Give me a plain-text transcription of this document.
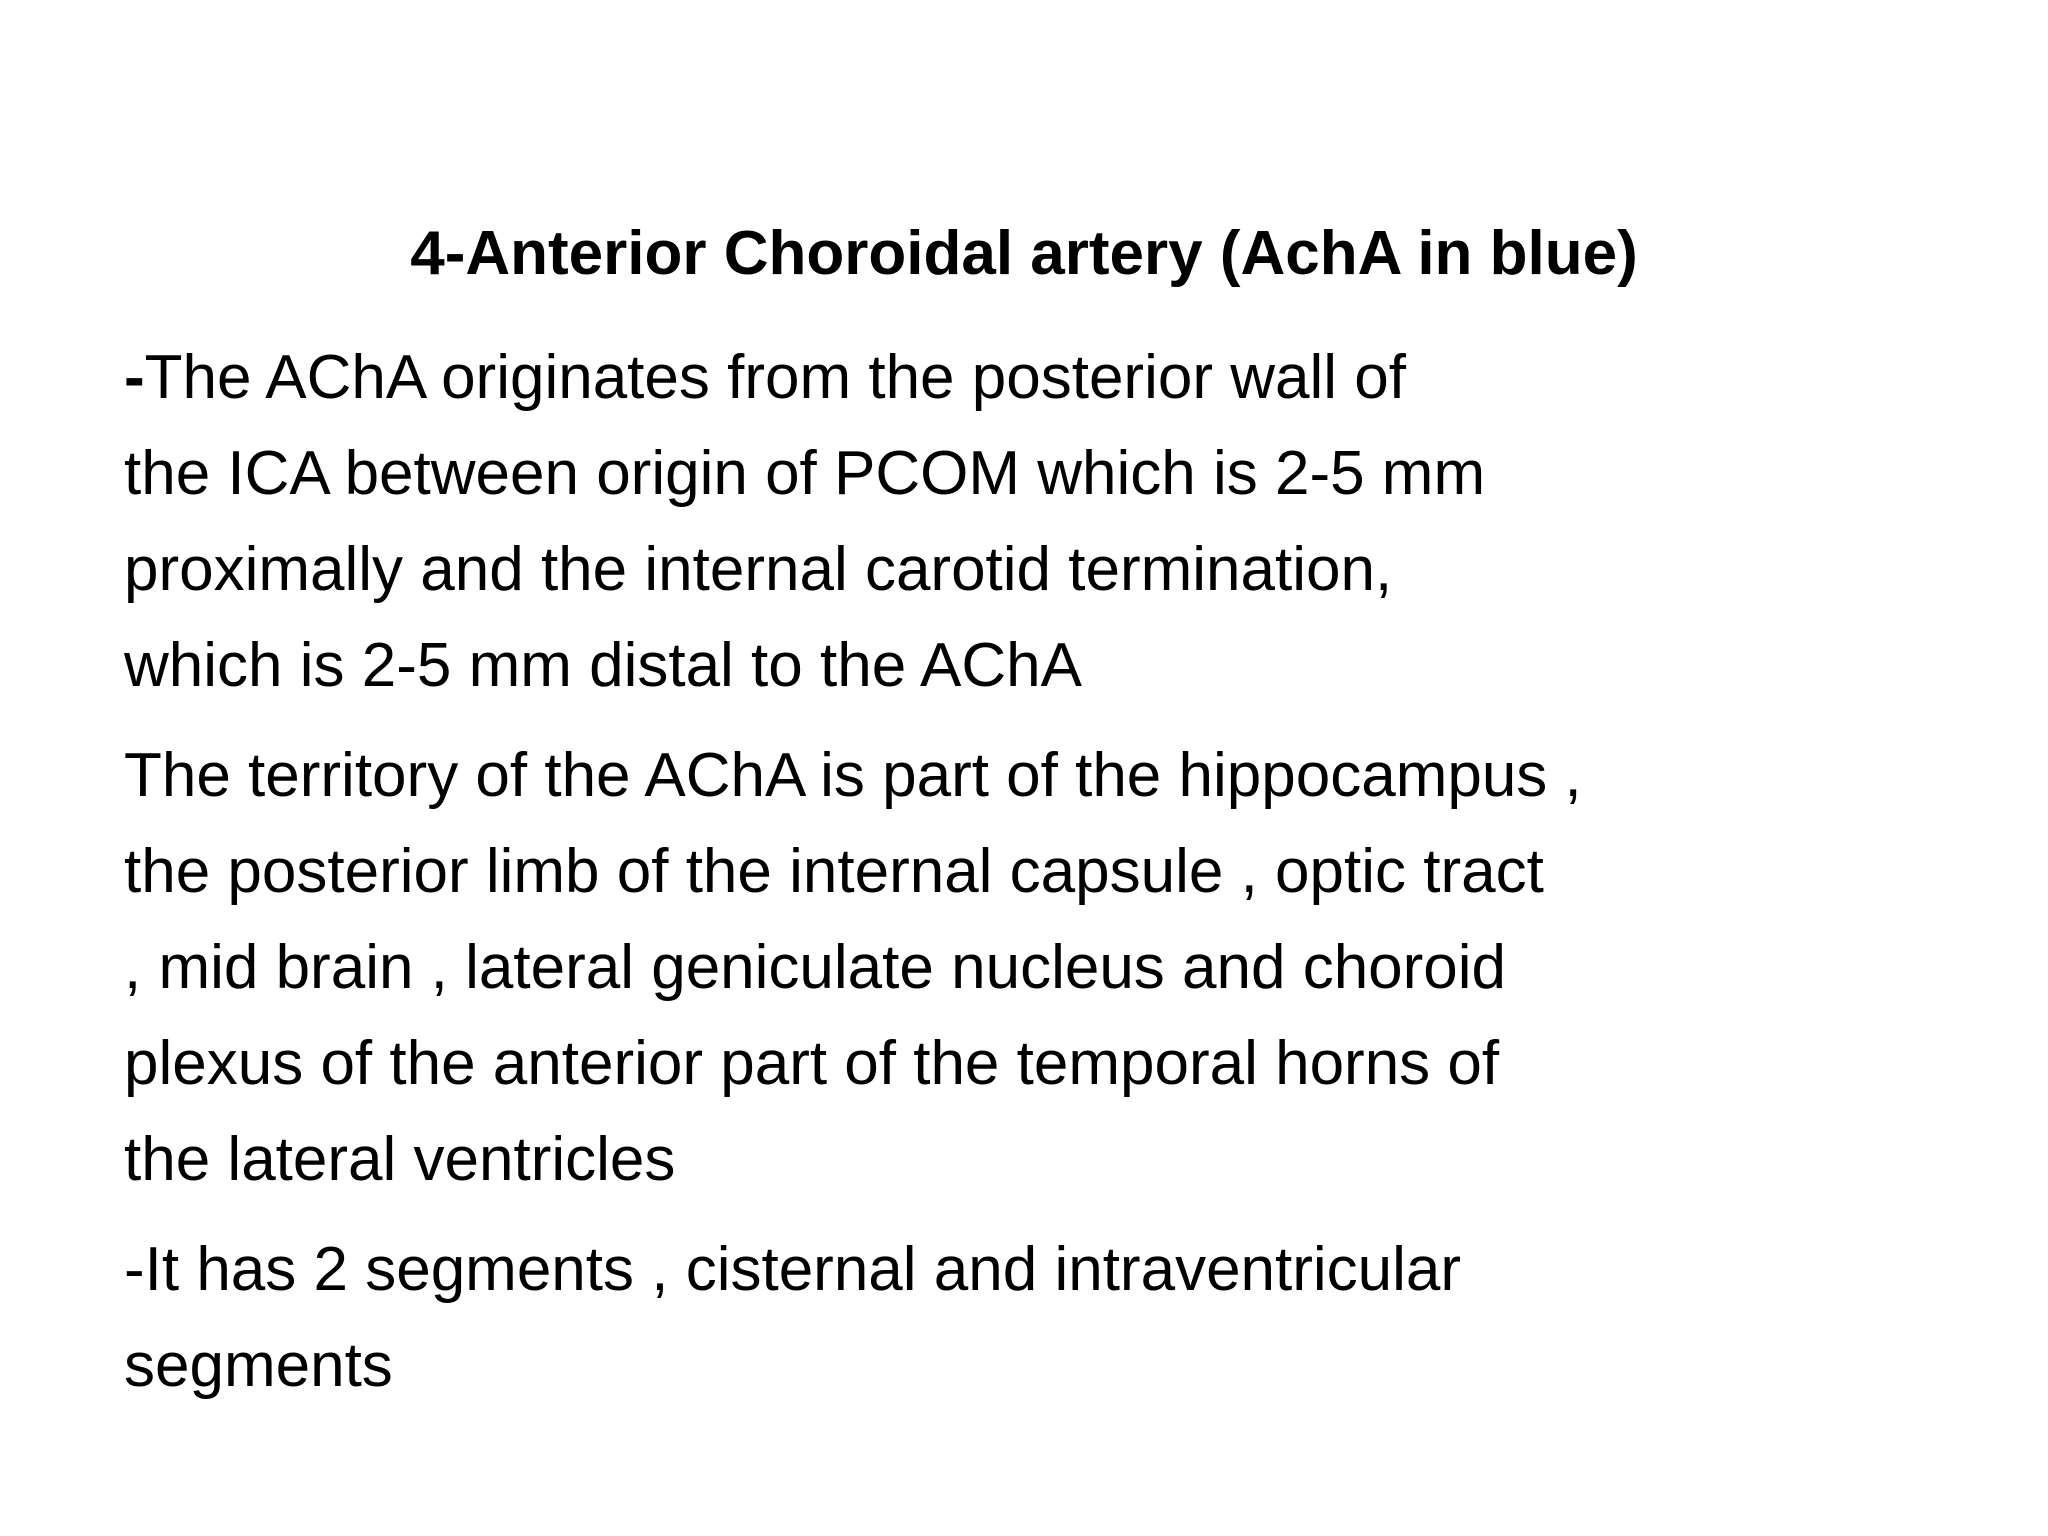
4-Anterior Choroidal artery (AchA in blue)
-The AChA originates from the posterior wall of
the ICA between origin of PCOM which is 2-5 mm
proximally and the internal carotid termination,
which is 2-5 mm distal to the AChA
The territory of the AChA is part of the hippocampus ,
the posterior limb of the internal capsule , optic tract
, mid brain , lateral geniculate nucleus and choroid
plexus of the anterior part of the temporal horns of
the lateral ventricles
-It has 2 segments , cisternal and intraventricular
segments
